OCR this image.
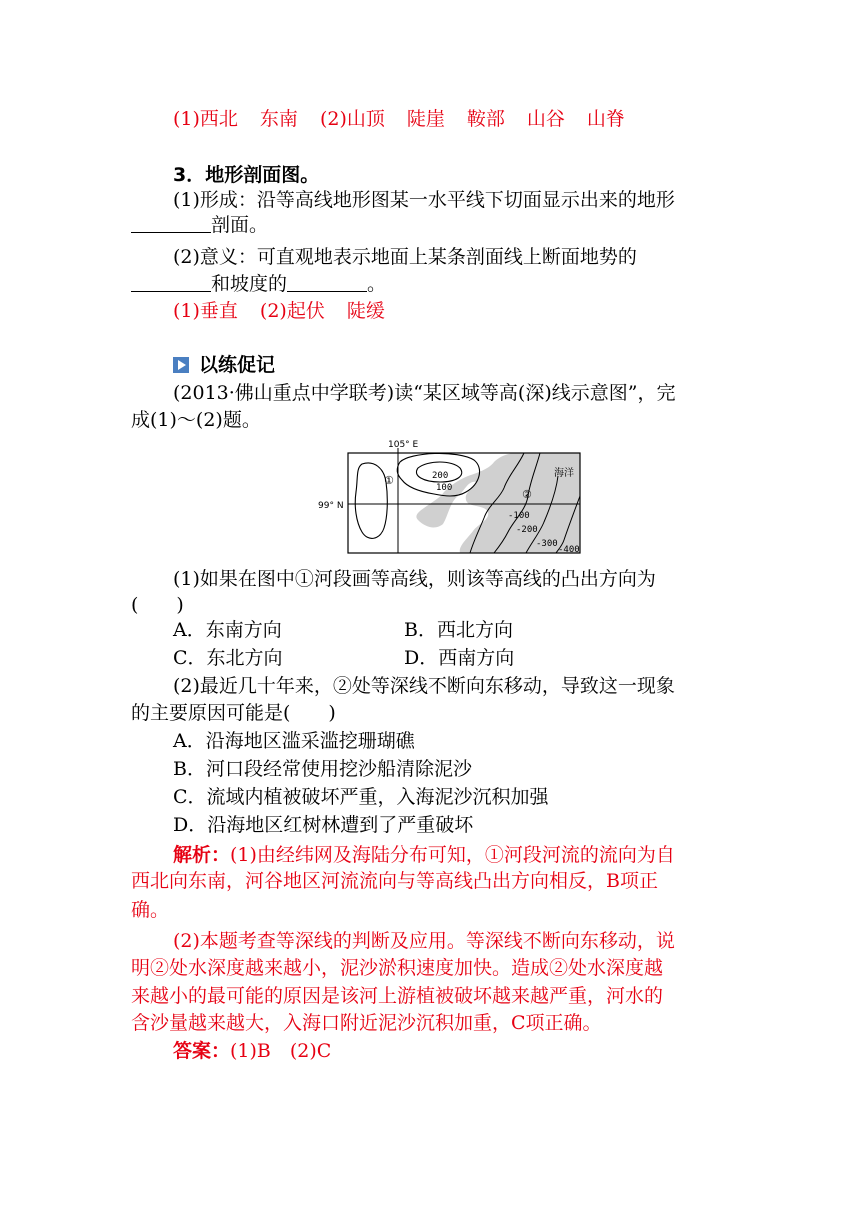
(1)西北 东南 (2)山顶 陡崖 鞍部 山谷 山脊
3．地形剖面图。
(1)形成：沿等高线地形图某一水平线下切面显示出来的地形
剖面。
(2)意义：可直观地表示地面上某条剖面线上断面地势的
和坡度的	。
(1)垂直 (2)起伏 陡缓
以练促记
(2013·佛山重点中学联考)读“某区域等高(深)线示意图”，完
成(1)～(2)题。
105° E
99° N
海洋
①
②
200
100
-100
-200
-300
-400
(1)如果在图中①河段画等高线，则该等高线的凸出方向为
(　　)
A．东南方向	B．西北方向
C．东北方向	D．西南方向
(2)最近几十年来，②处等深线不断向东移动，导致这一现象
的主要原因可能是(　　)
A．沿海地区滥采滥挖珊瑚礁
B．河口段经常使用挖沙船清除泥沙
C．流域内植被破坏严重，入海泥沙沉积加强
D．沿海地区红树林遭到了严重破坏
解析：(1)由经纬网及海陆分布可知，①河段河流的流向为自
西北向东南，河谷地区河流流向与等高线凸出方向相反，B项正
确。
(2)本题考查等深线的判断及应用。等深线不断向东移动，说
明②处水深度越来越小，泥沙淤积速度加快。造成②处水深度越
来越小的最可能的原因是该河上游植被破坏越来越严重，河水的
含沙量越来越大，入海口附近泥沙沉积加重，C项正确。
答案：(1)B　(2)C
